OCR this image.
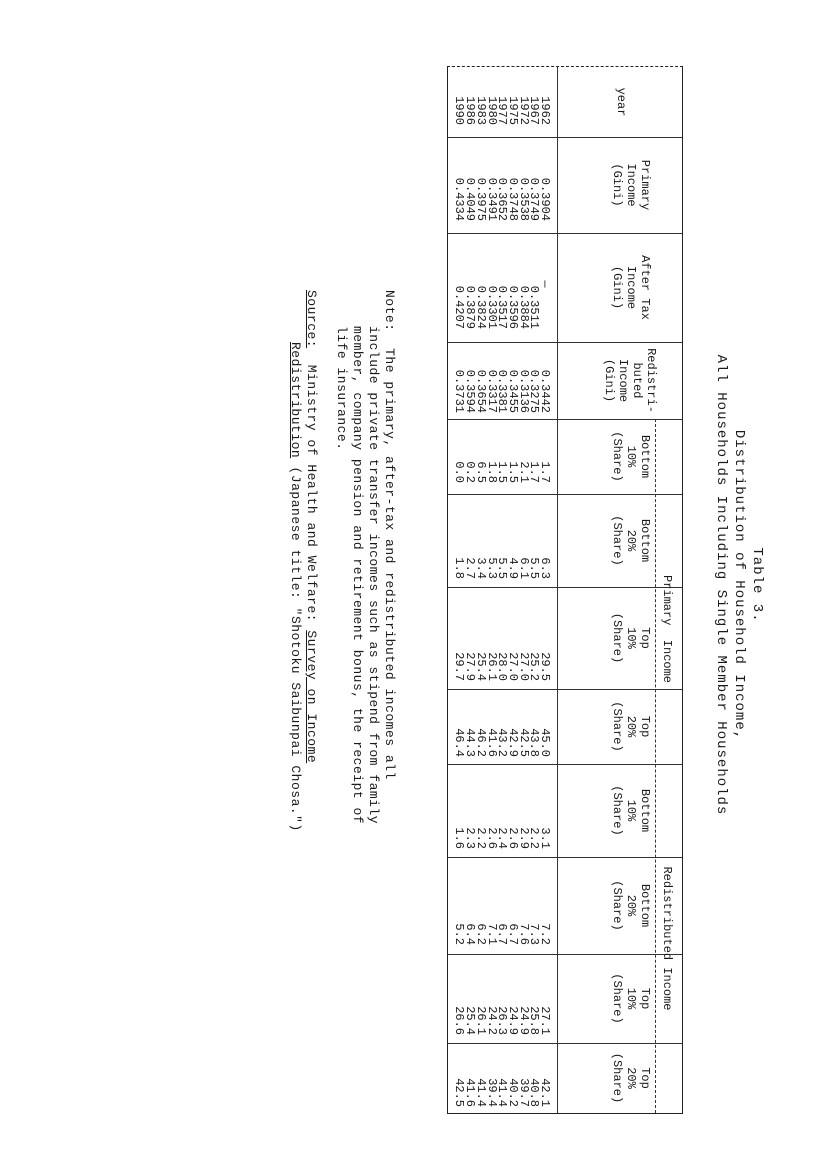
Table 3.
Distribution of Household Income,
All Households Including Single Member Households
year
Primary
Income
(Gini)
After Tax
Income
(Gini)
Redistri-
buted
Income
(Gini)
Primary  Income
Redistributed Income
Bottom
10%
(Share)
Bottom
20%
(Share)
Top
10%
(Share)
Top
20%
(Share)
Bottom
10%
(Share)
Bottom
20%
(Share)
Top
10%
(Share)
Top
20%
(Share)
1962
1967
1972
1975
1977
1980
1983
1986
1990
0.3904
0.3749
0.3538
0.3748
0.3652
0.3491
0.3975
0.4049
0.4334
—
0.3511
0.3884
0.3596
0.3517
0.3301
0.3824
0.3879
0.4207
0.3442
0.3275
0.3136
0.3455
0.3381
0.3317
0.3654
0.3594
0.3731
1.7
1.7
2.1
1.5
1.5
1.8
6.5
0.2
0.0
6.3
5.5
6.1
4.9
5.5
5.3
3.4
2.7
1.8
29.5
25.2
27.0
27.0
28.0
26.1
25.4
27.9
29.7
45.0
43.8
42.5
42.9
43.2
41.6
46.2
44.3
46.4
3.1
2.2
2.9
2.6
2.4
2.6
2.2
2.3
1.6
7.2
7.3
7.6
6.7
6.7
7.1
6.2
6.4
5.2
27.1
25.8
24.9
24.9
26.3
24.2
26.1
25.4
26.6
42.1
40.8
39.7
40.2
41.4
39.4
41.4
41.6
42.5
Note:  The primary, after-tax and redistributed incomes all
include private transfer incomes such as stipend from family
member, company pension and retirement bonus, the receipt of
life insurance.
Source:  Ministry of Health and Welfare: Survey on Income
Redistribution (Japanese title: "Shotoku Saibunpai Chosa.")
